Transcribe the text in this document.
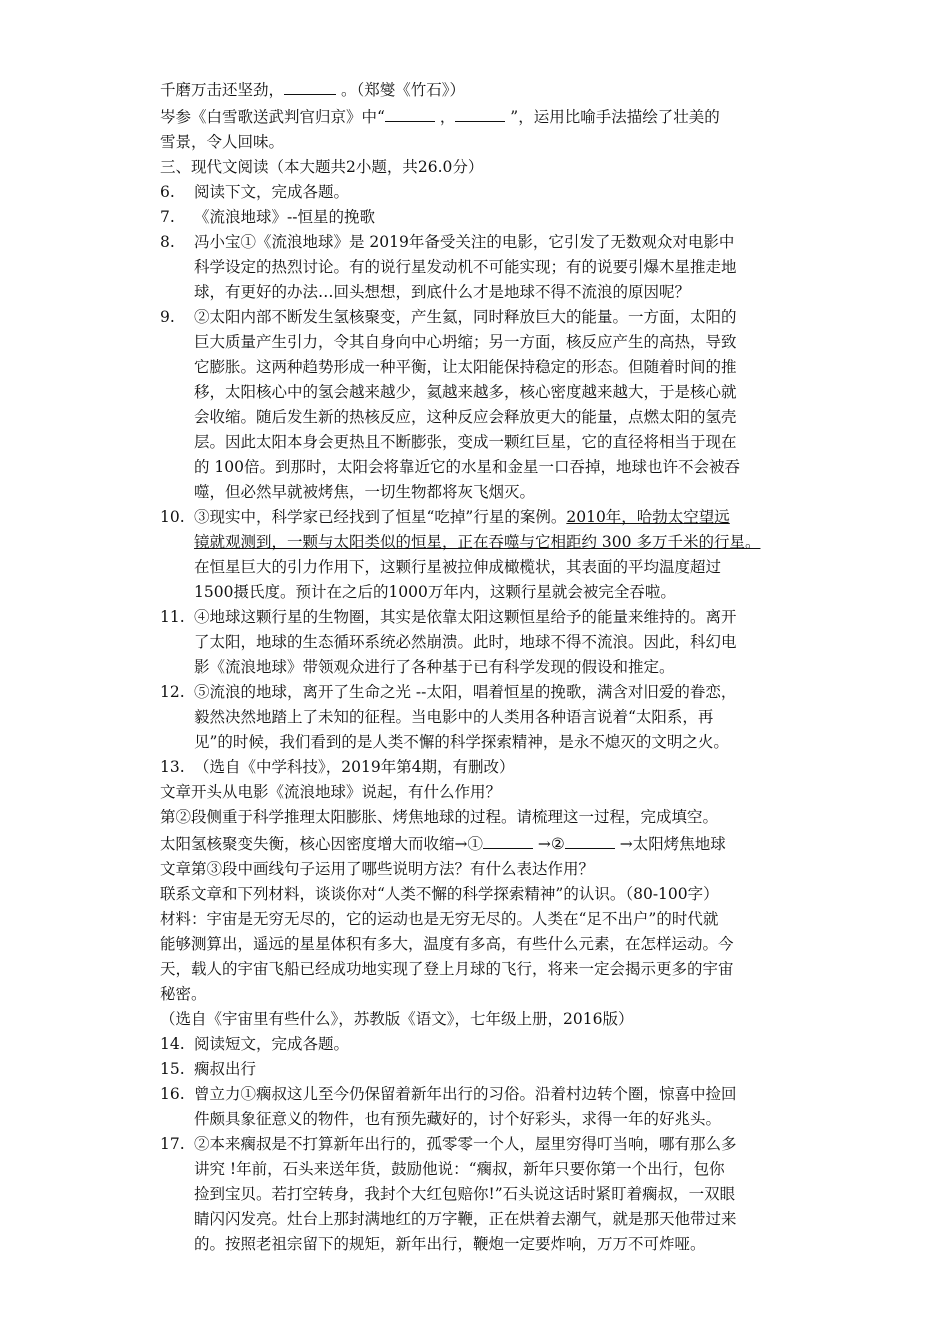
千磨万击还坚劲，	。（郑燮《竹石》）
岑参《白雪歌送武判官归京》中“	，	”，运用比喻手法描绘了壮美的
雪景，令人回味。
三、现代文阅读（本大题共2小题，共26.0分）
6.	阅读下文，完成各题。
7.	《流浪地球》--恒星的挽歌
8.	冯小宝①《流浪地球》是 2019年备受关注的电影，它引发了无数观众对电影中
科学设定的热烈讨论。有的说行星发动机不可能实现；有的说要引爆木星推走地
球，有更好的办法…回头想想，到底什么才是地球不得不流浪的原因呢？
9.	②太阳内部不断发生氢核聚变，产生氦，同时释放巨大的能量。一方面，太阳的
巨大质量产生引力，令其自身向中心坍缩；另一方面，核反应产生的高热，导致
它膨胀。这两种趋势形成一种平衡，让太阳能保持稳定的形态。但随着时间的推
移，太阳核心中的氢会越来越少，氦越来越多，核心密度越来越大，于是核心就
会收缩。随后发生新的热核反应，这种反应会释放更大的能量，点燃太阳的氢壳
层。因此太阳本身会更热且不断膨张，变成一颗红巨星，它的直径将相当于现在
的 100倍。到那时，太阳会将靠近它的水星和金星一口吞掉，地球也许不会被吞
噬，但必然早就被烤焦，一切生物都将灰飞烟灭。
10. ③现实中，科学家已经找到了恒星“吃掉”行星的案例。2010年，哈勃太空望远
镜就观测到，一颗与太阳类似的恒星，正在吞噬与它相距约 300 多万千米的行星。
在恒星巨大的引力作用下，这颗行星被拉伸成橄榄状，其表面的平均温度超过
1500摄氏度。预计在之后的1000万年内，这颗行星就会被完全吞啦。
11. ④地球这颗行星的生物圈，其实是依靠太阳这颗恒星给予的能量来维持的。离开
了太阳，地球的生态循环系统必然崩溃。此时，地球不得不流浪。因此，科幻电
影《流浪地球》带领观众进行了各种基于已有科学发现的假设和推定。
12. ⑤流浪的地球，离开了生命之光 --太阳，唱着恒星的挽歌，满含对旧爱的眷恋，
毅然决然地踏上了未知的征程。当电影中的人类用各种语言说着“太阳系，再
见”的时候，我们看到的是人类不懈的科学探索精神，是永不熄灭的文明之火。
13. （选自《中学科技》，2019年第4期，有删改）
文章开头从电影《流浪地球》说起，有什么作用？
第②段侧重于科学推理太阳膨胀、烤焦地球的过程。请梳理这一过程，完成填空。
太阳氢核聚变失衡，核心因密度增大而收缩→①	→②	→太阳烤焦地球
文章第③段中画线句子运用了哪些说明方法？有什么表达作用？
联系文章和下列材料，谈谈你对“人类不懈的科学探索精神”的认识。（80-100字）
材料：宇宙是无穷无尽的，它的运动也是无穷无尽的。人类在“足不出户”的时代就
能够测算出，遥远的星星体积有多大，温度有多高，有些什么元素，在怎样运动。今
天，载人的宇宙飞船已经成功地实现了登上月球的飞行，将来一定会揭示更多的宇宙
秘密。
（选自《宇宙里有些什么》，苏教版《语文》，七年级上册，2016版）
14. 阅读短文，完成各题。
15. 瘸叔出行
16. 曾立力①瘸叔这儿至今仍保留着新年出行的习俗。沿着村边转个圈，惊喜中捡回
件颇具象征意义的物件，也有预先藏好的，讨个好彩头，求得一年的好兆头。
17. ②本来瘸叔是不打算新年出行的，孤零零一个人，屋里穷得叮当响，哪有那么多
讲究 !年前，石头来送年货，鼓励他说：“瘸叔，新年只要你第一个出行，包你
捡到宝贝。若打空转身，我封个大红包赔你!”石头说这话时紧盯着瘸叔，一双眼
睛闪闪发亮。灶台上那封满地红的万字鞭，正在烘着去潮气，就是那天他带过来
的。按照老祖宗留下的规矩，新年出行，鞭炮一定要炸响，万万不可炸哑。
